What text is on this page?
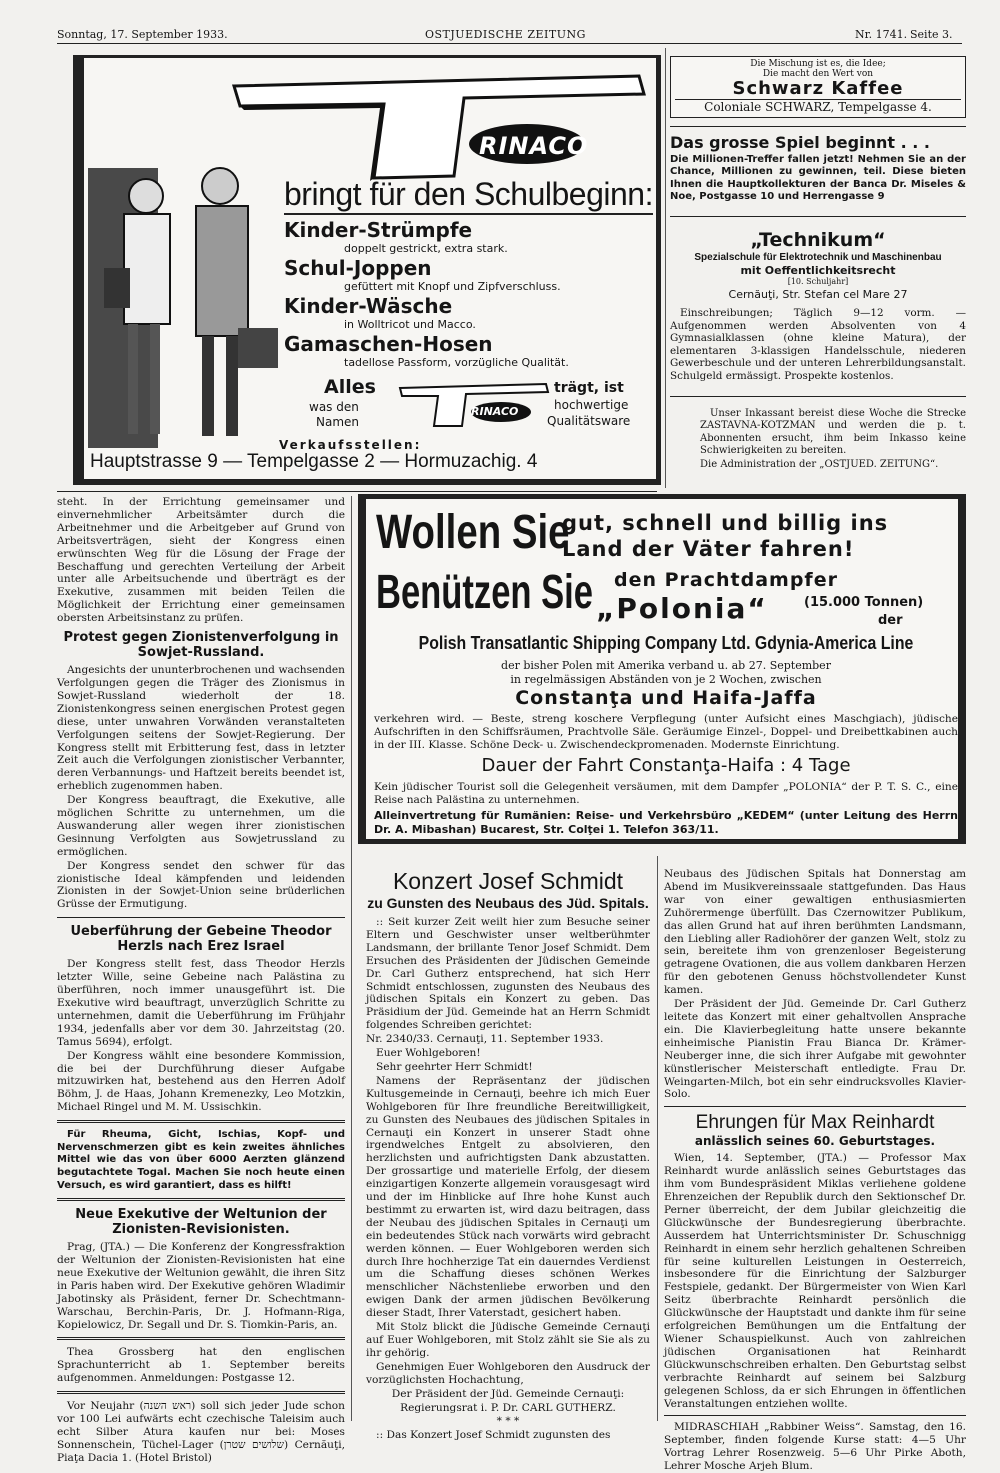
Sonntag, 17. September 1933.	OSTJUEDISCHE ZEITUNG	Nr. 1741. Seite 3.
RINACO
bringt für den Schulbeginn:
Kinder-Strümpfe
doppelt gestrickt, extra stark.
Schul-Joppen
gefüttert mit Knopf und Zipfverschluss.
Kinder-Wäsche
in Wolltricot und Macco.
Gamaschen-Hosen
tadellose Passform, vorzügliche Qualität.
Alles
was den
Namen
RINACO
trägt, ist
hochwertige
Qualitätsware
Verkaufsstellen:
Hauptstrasse 9 — Tempelgasse 2 — Hormuzachig. 4
Die Mischung ist es, die Idee;
Die macht den Wert von
Schwarz Kaffee
Coloniale SCHWARZ, Tempelgasse 4.
Das grosse Spiel beginnt . . .
Die Millionen-Treffer fallen jetzt! Nehmen Sie an der Chance, Millionen zu gewinnen, teil. Diese bieten Ihnen die Hauptkollekturen der Banca Dr. Miseles & Noe, Postgasse 10 und Herrengasse 9
„Technikum“
Spezialschule für Elektrotechnik und Maschinenbau
mit Oeffentlichkeitsrecht
[10. Schuljahr]
Cernăuţi, Str. Stefan cel Mare 27
Einschreibungen; Täglich 9—12 vorm. — Aufgenommen werden Absolventen von 4 Gymnasialklassen (ohne kleine Matura), der elementaren 3-klassigen Handelsschule, niederen Gewerbeschule und der unteren Lehrerbildungsanstalt. Schulgeld ermässigt. Prospekte kostenlos.
Unser Inkassant bereist diese Woche die Strecke ZASTAVNA-KOTZMAN und werden die p. t. Abonnenten ersucht, ihm beim Inkasso keine Schwierigkeiten zu bereiten.
Die Administration der „OSTJUED. ZEITUNG“.
steht. In der Errichtung gemeinsamer und einvernehmlicher Arbeitsämter durch die Arbeitnehmer und die Arbeitgeber auf Grund von Arbeitsverträgen, sieht der Kongress einen erwünschten Weg für die Lösung der Frage der Beschaffung und gerechten Verteilung der Arbeit unter alle Arbeitsuchende und überträgt es der Exekutive, zusammen mit beiden Teilen die Möglichkeit der Errichtung einer gemeinsamen obersten Arbeitsinstanz zu prüfen.
Protest gegen Zionistenverfolgung in Sowjet-Russland.
Angesichts der ununterbrochenen und wachsenden Verfolgungen gegen die Träger des Zionismus in Sowjet-Russland wiederholt der 18. Zionistenkongress seinen energischen Protest gegen diese, unter unwahren Vorwänden veranstalteten Verfolgungen seitens der Sowjet-Regierung. Der Kongress stellt mit Erbitterung fest, dass in letzter Zeit auch die Verfolgungen zionistischer Verbannter, deren Verbannungs- und Haftzeit bereits beendet ist, erheblich zugenommen haben.
Der Kongress beauftragt, die Exekutive, alle möglichen Schritte zu unternehmen, um die Auswanderung aller wegen ihrer zionistischen Gesinnung Verfolgten aus Sowjetrussland zu ermöglichen.
Der Kongress sendet den schwer für das zionistische Ideal kämpfenden und leidenden Zionisten in der Sowjet-Union seine brüderlichen Grüsse der Ermutigung.
Ueberführung der Gebeine Theodor Herzls nach Erez Israel
Der Kongress stellt fest, dass Theodor Herzls letzter Wille, seine Gebeine nach Palästina zu überführen, noch immer unausgeführt ist. Die Exekutive wird beauftragt, unverzüglich Schritte zu unternehmen, damit die Ueberführung im Frühjahr 1934, jedenfalls aber vor dem 30. Jahrzeitstag (20. Tamus 5694), erfolgt.
Der Kongress wählt eine besondere Kommission, die bei der Durchführung dieser Aufgabe mitzuwirken hat, bestehend aus den Herren Adolf Böhm, J. de Haas, Johann Kremenezky, Leo Motzkin, Michael Ringel und M. M. Ussischkin.
Für Rheuma, Gicht, Ischias, Kopf- und Nervenschmerzen gibt es kein zweites ähnliches Mittel wie das von über 6000 Aerzten glänzend begutachtete Togal. Machen Sie noch heute einen Versuch, es wird garantiert, dass es hilft!
Neue Exekutive der Weltunion der Zionisten-Revisionisten.
Prag, (JTA.) — Die Konferenz der Kongressfraktion der Weltunion der Zionisten-Revisionisten hat eine neue Exekutive der Weltunion gewählt, die ihren Sitz in Paris haben wird. Der Exekutive gehören Wladimir Jabotinsky als Präsident, ferner Dr. Schechtmann-Warschau, Berchin-Paris, Dr. J. Hofmann-Riga, Kopielowicz, Dr. Segall und Dr. S. Tiomkin-Paris, an.
Thea Grossberg hat den englischen Sprachunterricht ab 1. September bereits aufgenommen. Anmeldungen: Postgasse 12.
Vor Neujahr (ראש השנה) soll sich jeder Jude schon vor 100 Lei aufwärts echt czechische Taleisim auch echt Silber Atura kaufen nur bei: Moses Sonnenschein, Tüchel-Lager (שלושים שטרן) Cernăuţi, Piaţa Dacia 1. (Hotel Bristol)
Wollen Sie
gut, schnell und billig ins
Land der Väter fahren!
Benützen Sie den Prachtdampfer
„Polonia“	(15.000 Tonnen)
der
Polish Transatlantic Shipping Company Ltd. Gdynia-America Line
der bisher Polen mit Amerika verband u. ab 27. September
in regelmässigen Abständen von je 2 Wochen, zwischen
Constanţa und Haifa-Jaffa
verkehren wird. — Beste, streng koschere Verpflegung (unter Aufsicht eines Maschgiach), jüdische Aufschriften in den Schiffsräumen, Prachtvolle Säle. Geräumige Einzel-, Doppel- und Dreibettkabinen auch in der III. Klasse. Schöne Deck- u. Zwischendeckpromenaden. Modernste Einrichtung.
Dauer der Fahrt Constanţa-Haifa : 4 Tage
Kein jüdischer Tourist soll die Gelegenheit versäumen, mit dem Dampfer „POLONIA“ der P. T. S. C., eine Reise nach Palästina zu unternehmen.
Alleinvertretung für Rumänien: Reise- und Verkehrsbüro „KEDEM“ (unter Leitung des Herrn Dr. A. Mibashan) Bucarest, Str. Colţei 1. Telefon 363/11.
Konzert Josef Schmidt
zu Gunsten des Neubaus des Jüd. Spitals.
:: Seit kurzer Zeit weilt hier zum Besuche seiner Eltern und Geschwister unser weltberühmter Landsmann, der brillante Tenor Josef Schmidt. Dem Ersuchen des Präsidenten der Jüdischen Gemeinde Dr. Carl Gutherz entsprechend, hat sich Herr Schmidt entschlossen, zugunsten des Neubaus des jüdischen Spitals ein Konzert zu geben. Das Präsidium der Jüd. Gemeinde hat an Herrn Schmidt folgendes Schreiben gerichtet:
Nr. 2340/33. Cernauţi, 11. September 1933.
Euer Wohlgeboren!
Sehr geehrter Herr Schmidt!
Namens der Repräsentanz der jüdischen Kultusgemeinde in Cernauţi, beehre ich mich Euer Wohlgeboren für Ihre freundliche Bereitwilligkeit, zu Gunsten des Neubaues des jüdischen Spitales in Cernauţi ein Konzert in unserer Stadt ohne irgendwelches Entgelt zu absolvieren, den herzlichsten und aufrichtigsten Dank abzustatten. Der grossartige und materielle Erfolg, der diesem einzigartigen Konzerte allgemein vorausgesagt wird und der im Hinblicke auf Ihre hohe Kunst auch bestimmt zu erwarten ist, wird dazu beitragen, dass der Neubau des jüdischen Spitales in Cernauţi um ein bedeutendes Stück nach vorwärts wird gebracht werden können. — Euer Wohlgeboren werden sich durch Ihre hochherzige Tat ein dauerndes Verdienst um die Schaffung dieses schönen Werkes menschlicher Nächstenliebe erworben und den ewigen Dank der armen jüdischen Bevölkerung dieser Stadt, Ihrer Vaterstadt, gesichert haben.
Mit Stolz blickt die Jüdische Gemeinde Cernauţi auf Euer Wohlgeboren, mit Stolz zählt sie Sie als zu ihr gehörig.
Genehmigen Euer Wohlgeboren den Ausdruck der vorzüglichsten Hochachtung,
Der Präsident der Jüd. Gemeinde Cernauţi:
Regierungsrat i. P. Dr. CARL GUTHERZ.
* * *
:: Das Konzert Josef Schmidt zugunsten des
Neubaus des Jüdischen Spitals hat Donnerstag am Abend im Musikvereinssaale stattgefunden. Das Haus war von einer gewaltigen enthusiasmierten Zuhörermenge überfüllt. Das Czernowitzer Publikum, das allen Grund hat auf ihren berühmten Landsmann, den Liebling aller Radiohörer der ganzen Welt, stolz zu sein, bereitete ihm von grenzenloser Begeisterung getragene Ovationen, die aus vollem dankbaren Herzen für den gebotenen Genuss höchstvollendeter Kunst kamen.
Der Präsident der Jüd. Gemeinde Dr. Carl Gutherz leitete das Konzert mit einer gehaltvollen Ansprache ein. Die Klavierbegleitung hatte unsere bekannte einheimische Pianistin Frau Bianca Dr. Krämer-Neuberger inne, die sich ihrer Aufgabe mit gewohnter künstlerischer Meisterschaft entledigte. Frau Dr. Weingarten-Milch, bot ein sehr eindrucksvolles Klavier-Solo.
Ehrungen für Max Reinhardt
anlässlich seines 60. Geburtstages.
Wien, 14. September, (JTA.) — Professor Max Reinhardt wurde anlässlich seines Geburtstages das ihm vom Bundespräsident Miklas verliehene goldene Ehrenzeichen der Republik durch den Sektionschef Dr. Perner überreicht, der dem Jubilar gleichzeitig die Glückwünsche der Bundesregierung überbrachte. Ausserdem hat Unterrichtsminister Dr. Schuschnigg Reinhardt in einem sehr herzlich gehaltenen Schreiben für seine kulturellen Leistungen in Oesterreich, insbesondere für die Einrichtung der Salzburger Festspiele, gedankt. Der Bürgermeister von Wien Karl Seitz überbrachte Reinhardt persönlich die Glückwünsche der Hauptstadt und dankte ihm für seine erfolgreichen Bemühungen um die Entfaltung der Wiener Schauspielkunst. Auch von zahlreichen jüdischen Organisationen hat Reinhardt Glückwunschschreiben erhalten. Den Geburtstag selbst verbrachte Reinhardt auf seinem bei Salzburg gelegenen Schloss, da er sich Ehrungen in öffentlichen Veranstaltungen entziehen wollte.
MIDRASCHIAH „Rabbiner Weiss“. Samstag, den 16. September, finden folgende Kurse statt: 4—5 Uhr Vortrag Lehrer Rosenzweig. 5—6 Uhr Pirke Aboth, Lehrer Mosche Arjeh Blum.
